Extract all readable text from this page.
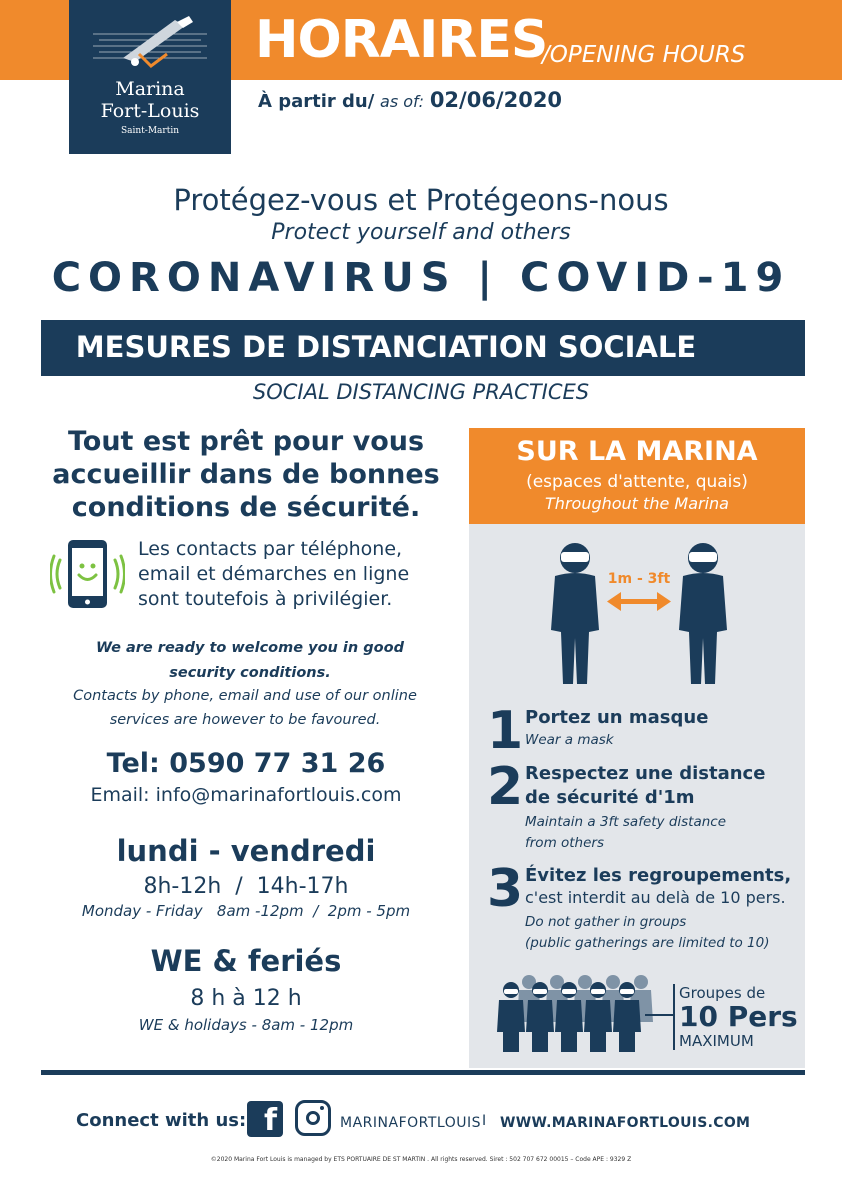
Marina
Fort-Louis
Saint-Martin
HORAIRES
/OPENING HOURS
À partir du/ as of: 02/06/2020
Protégez-vous et Protégeons-nous
Protect yourself and others
CORONAVIRUS | COVID-19
MESURES DE DISTANCIATION SOCIALE
SOCIAL DISTANCING PRACTICES
Tout est prêt pour vous
accueillir dans de bonnes
conditions de sécurité.
Les contacts par téléphone,
email et démarches en ligne
sont toutefois à privilégier.
We are ready to welcome you in good
security conditions.
Contacts by phone, email and use of our online
services are however to be favoured.
Tel: 0590 77 31 26
Email: info@marinafortlouis.com
lundi - vendredi
8h-12h  /  14h-17h
Monday - Friday   8am -12pm  /  2pm - 5pm
WE & feriés
8 h à 12 h
WE & holidays - 8am - 12pm
SUR LA MARINA
(espaces d'attente, quais)
Throughout the Marina
1m - 3ft
1 Portez un masque
Wear a mask
2 Respectez une distance
de sécurité d'1m
Maintain a 3ft safety distance
from others
3 Évitez les regroupements,
c'est interdit au delà de 10 pers.
Do not gather in groups
(public gatherings are limited to 10)
Groupes de
10 Pers
MAXIMUM
Connect with us: f	MARINAFORTLOUIS I WWW.MARINAFORTLOUIS.COM
©2020 Marina Fort Louis is managed by ETS PORTUAIRE DE ST MARTIN . All rights reserved. Siret : 502 707 672 00015 – Code APE : 9329 Z
